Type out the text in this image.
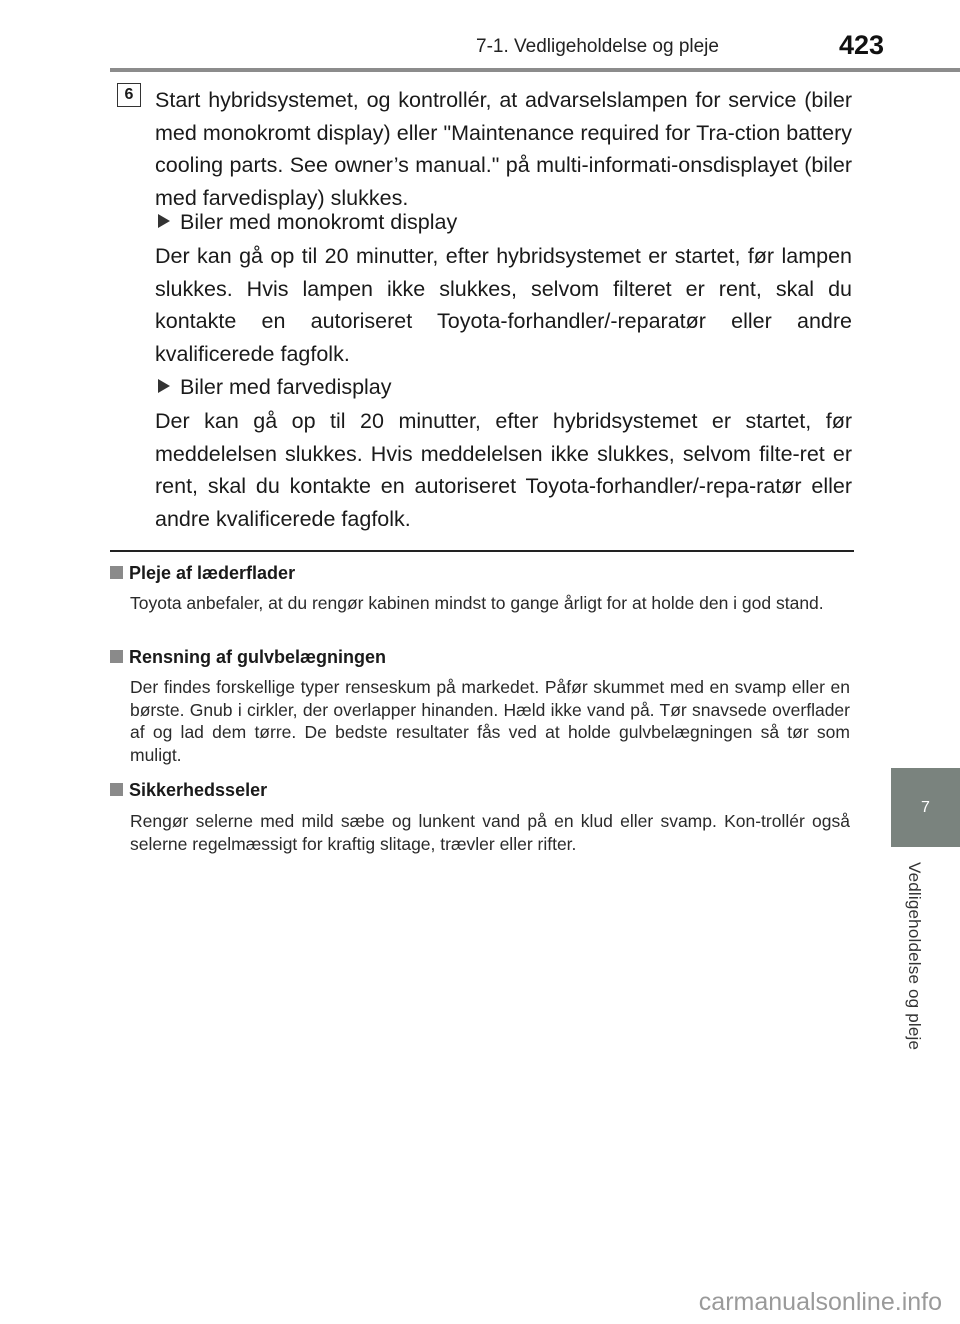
7-1. Vedligeholdelse og pleje	423
6	Start hybridsystemet, og kontrollér, at advarselslampen for service (biler med monokromt display) eller "Maintenance required for Tra-ction battery cooling parts. See owner’s manual." på multi-informati-onsdisplayet (biler med farvedisplay) slukkes.
Biler med monokromt display
Der kan gå op til 20 minutter, efter hybridsystemet er startet, før lampen slukkes. Hvis lampen ikke slukkes, selvom filteret er rent, skal du kontakte en autoriseret Toyota-forhandler/-reparatør eller andre kvalificerede fagfolk.
Biler med farvedisplay
Der kan gå op til 20 minutter, efter hybridsystemet er startet, før meddelelsen slukkes. Hvis meddelelsen ikke slukkes, selvom filte-ret er rent, skal du kontakte en autoriseret Toyota-forhandler/-repa-ratør eller andre kvalificerede fagfolk.
Pleje af læderflader
Toyota anbefaler, at du rengør kabinen mindst to gange årligt for at holde den i god stand.
Rensning af gulvbelægningen
Der findes forskellige typer renseskum på markedet. Påfør skummet med en svamp eller en børste. Gnub i cirkler, der overlapper hinanden. Hæld ikke vand på. Tør snavsede overflader af og lad dem tørre. De bedste resultater fås ved at holde gulvbelægningen så tør som muligt.
Sikkerhedsseler
Rengør selerne med mild sæbe og lunkent vand på en klud eller svamp. Kon-trollér også selerne regelmæssigt for kraftig slitage, trævler eller rifter.
7
Vedligeholdelse og pleje
carmanualsonline.info
